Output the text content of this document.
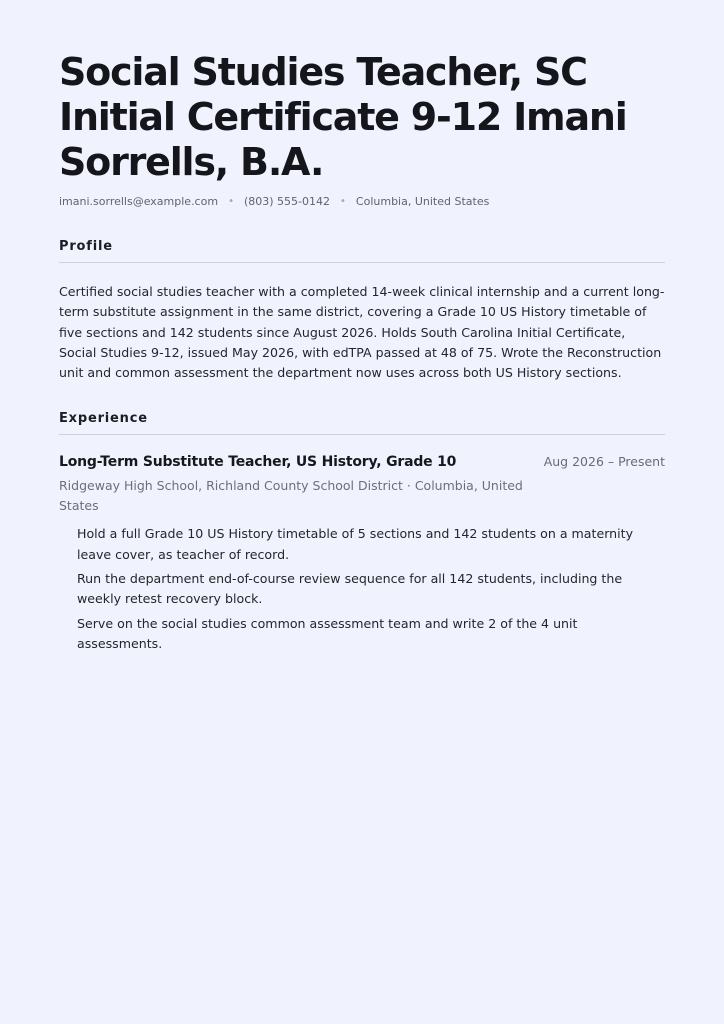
Social Studies Teacher, SC Initial Certificate 9-12 Imani Sorrells, B.A.
imani.sorrells@example.com • (803) 555-0142 • Columbia, United States
Profile

Certified social studies teacher with a completed 14-week clinical internship and a current long-term substitute assignment in the same district, covering a Grade 10 US History timetable of five sections and 142 students since August 2026. Holds South Carolina Initial Certificate, Social Studies 9-12, issued May 2026, with edTPA passed at 48 of 75. Wrote the Reconstruction unit and common assessment the department now uses across both US History sections.

Experience
Long-Term Substitute Teacher, US History, Grade 10	Aug 2026 – Present
Ridgeway High School, Richland County School District · Columbia, United States
Hold a full Grade 10 US History timetable of 5 sections and 142 students on a maternity leave cover, as teacher of record.
Run the department end-of-course review sequence for all 142 students, including the weekly retest recovery block.
Serve on the social studies common assessment team and write 2 of the 4 unit assessments.
